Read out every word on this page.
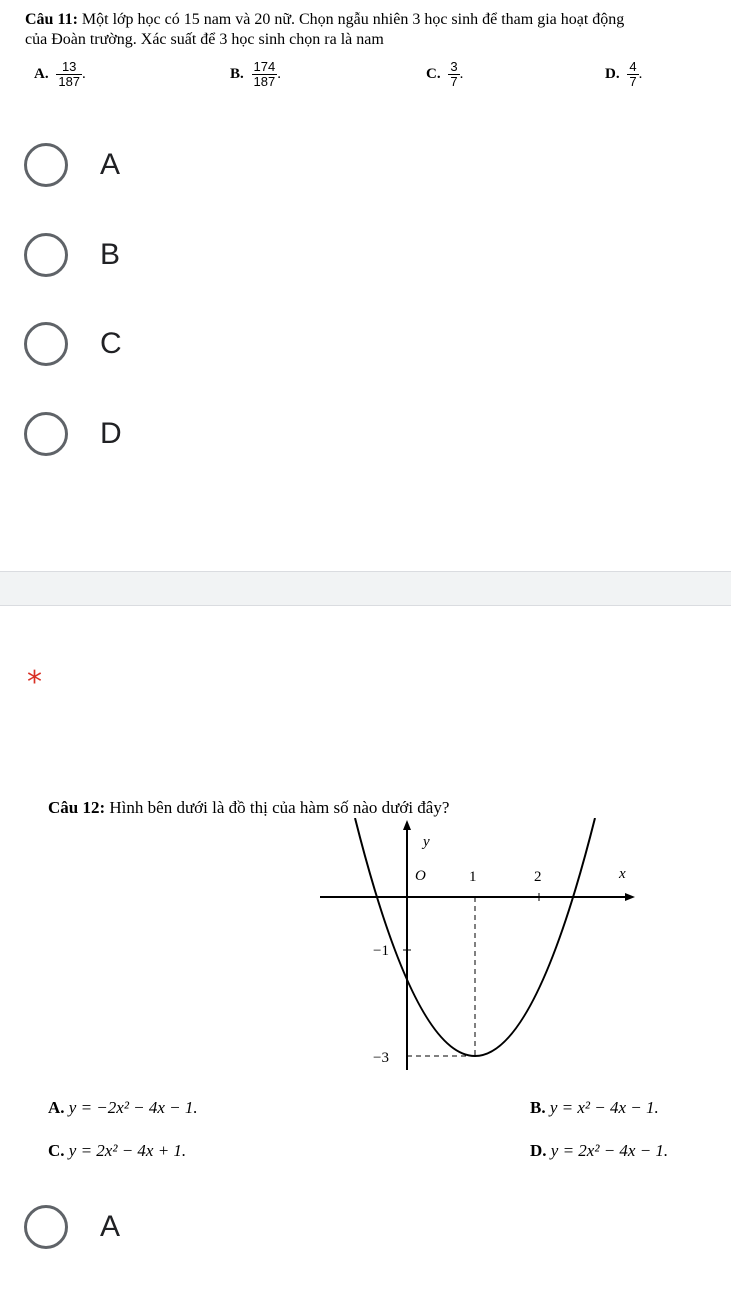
Câu 11: Một lớp học có 15 nam và 20 nữ. Chọn ngẫu nhiên 3 học sinh để tham gia hoạt động
của Đoàn trường. Xác suất để 3 học sinh chọn ra là nam
A. $\frac{13}{187}$ .	B. $\frac{174}{187}$ .	C. $\frac{3}{7}$ .	D. $\frac{4}{7}$ .
A
B
C
D
*
Câu 12: Hình bên dưới là đồ thị của hàm số nào dưới đây?
y
O	1	2	x
−1
−3
A. y = −2x² − 4x − 1.	B. y = x² − 4x − 1.
C. y = 2x² − 4x + 1.	D. y = 2x² − 4x − 1.
A
